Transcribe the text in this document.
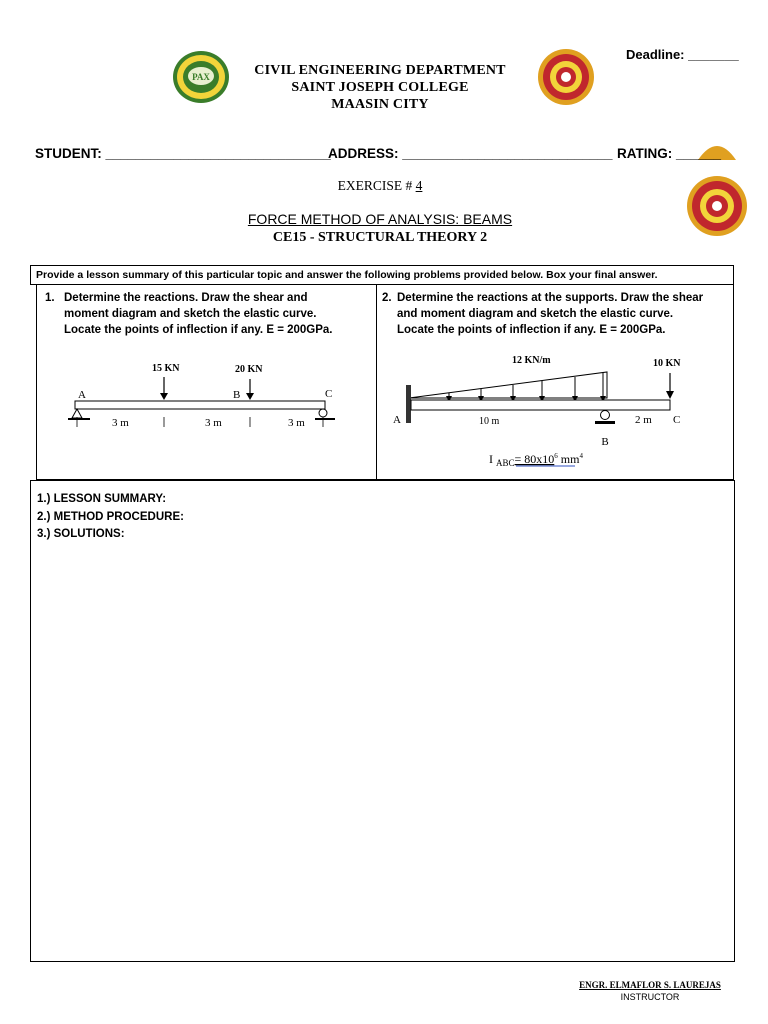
Deadline: _______
PAX	CIVIL ENGINEERING DEPARTMENT
SAINT JOSEPH COLLEGE
MAASIN CITY
STUDENT: ______________________________
ADDRESS: ____________________________ RATING: ______
EXERCISE # 4
FORCE METHOD OF ANALYSIS: BEAMS
CE15 - STRUCTURAL THEORY 2
Provide a lesson summary of this particular topic and answer the following problems provided below. Box your final answer.
1. Determine the reactions. Draw the shear and
moment diagram and sketch the elastic curve.
Locate the points of inflection if any. E = 200GPa.
2. Determine the reactions at the supports. Draw the shear
and moment diagram and sketch the elastic curve.
Locate the points of inflection if any. E = 200GPa.
15 KN	20 KN
A	B	C
3 m	3 m	3 m
12 KN/m	10 KN
A
B
10 m	2 m C
I $_{ABC}= 80x10^6$ $mm^4$
1.) LESSON SUMMARY:
2.) METHOD PROCEDURE:
3.) SOLUTIONS:
ENGR. ELMAFLOR S. LAUREJAS
INSTRUCTOR
